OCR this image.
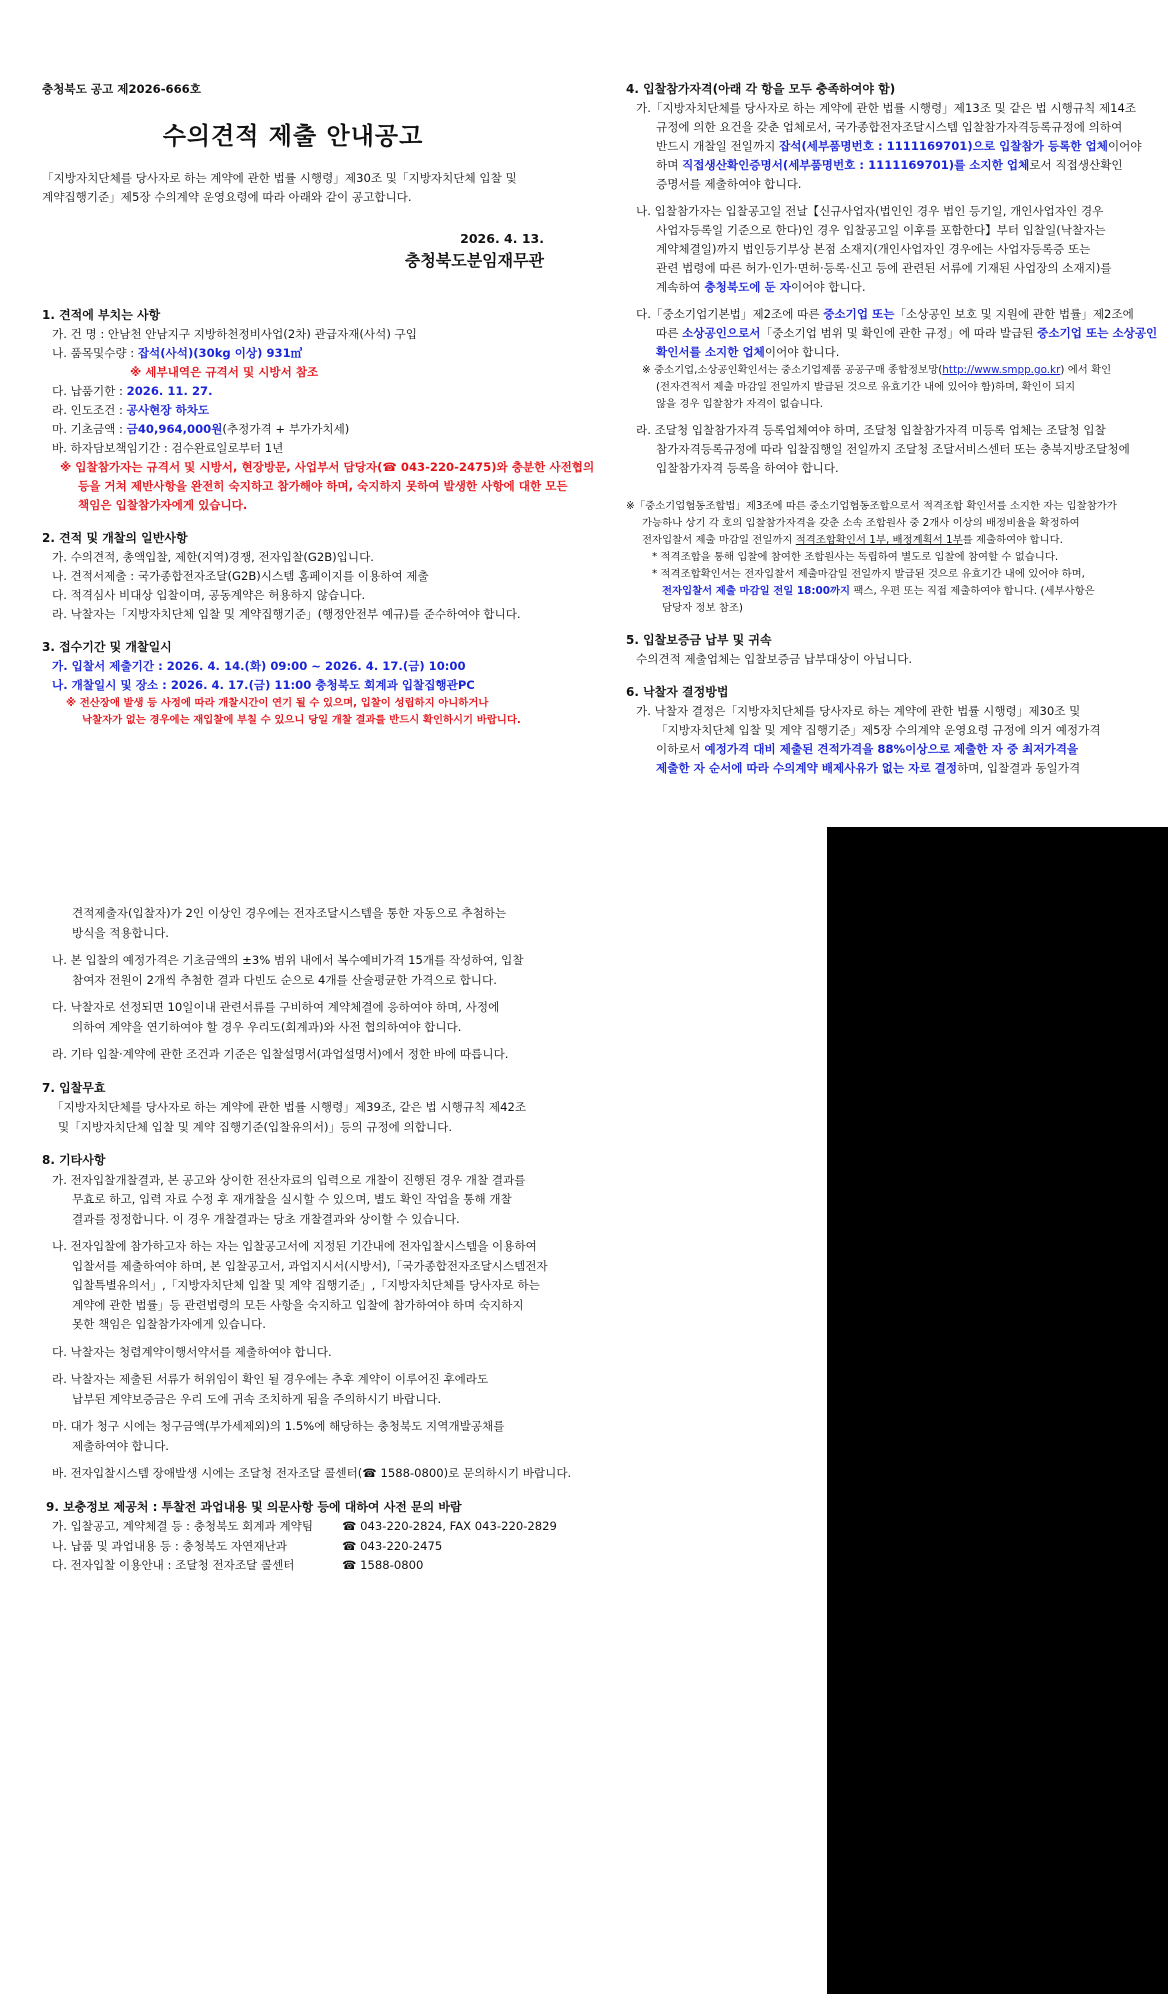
충청북도 공고 제2026-666호
수의견적 제출 안내공고
「지방자치단체를 당사자로 하는 계약에 관한 법률 시행령」제30조 및「지방자치단체 입찰 및
계약집행기준」제5장 수의계약 운영요령에 따라 아래와 같이 공고합니다.
2026. 4. 13.
충청북도분임재무관
1. 견적에 부치는 사항
가. 건 명 : 안남천 안남지구 지방하천정비사업(2차) 관급자재(사석) 구입
나. 품목및수량 : 잡석(사석)(30kg 이상) 931㎥
※ 세부내역은 규격서 및 시방서 참조
다. 납품기한 : 2026. 11. 27.
라. 인도조건 : 공사현장 하차도
마. 기초금액 : 금40,964,000원(추정가격 + 부가가치세)
바. 하자담보책임기간 : 검수완료일로부터 1년
※ 입찰참가자는 규격서 및 시방서, 현장방문, 사업부서 담당자(☎ 043-220-2475)와 충분한 사전협의
등을 거쳐 제반사항을 완전히 숙지하고 참가해야 하며, 숙지하지 못하여 발생한 사항에 대한 모든
책임은 입찰참가자에게 있습니다.
2. 견적 및 개찰의 일반사항
가. 수의견적, 총액입찰, 제한(지역)경쟁, 전자입찰(G2B)입니다.
나. 견적서제출 : 국가종합전자조달(G2B)시스템 홈페이지를 이용하여 제출
다. 적격심사 비대상 입찰이며, 공동계약은 허용하지 않습니다.
라. 낙찰자는「지방자치단체 입찰 및 계약집행기준」(행정안전부 예규)를 준수하여야 합니다.
3. 접수기간 및 개찰일시
가. 입찰서 제출기간 : 2026. 4. 14.(화) 09:00 ~ 2026. 4. 17.(금) 10:00
나. 개찰일시 및 장소 : 2026. 4. 17.(금) 11:00 충청북도 회계과 입찰집행관PC
※ 전산장애 발생 등 사정에 따라 개찰시간이 연기 될 수 있으며, 입찰이 성립하지 아니하거나
낙찰자가 없는 경우에는 재입찰에 부칠 수 있으니 당일 개찰 결과를 반드시 확인하시기 바랍니다.
4. 입찰참가자격(아래 각 항을 모두 충족하여야 함)
가.「지방자치단체를 당사자로 하는 계약에 관한 법률 시행령」제13조 및 같은 법 시행규칙 제14조
규정에 의한 요건을 갖춘 업체로서, 국가종합전자조달시스템 입찰참가자격등록규정에 의하여
반드시 개찰일 전일까지 잡석(세부품명번호 : 1111169701)으로 입찰참가 등록한 업체이어야
하며 직접생산확인증명서(세부품명번호 : 1111169701)를 소지한 업체로서 직접생산확인
증명서를 제출하여야 합니다.
나. 입찰참가자는 입찰공고일 전날【신규사업자(법인인 경우 법인 등기일, 개인사업자인 경우
사업자등록일 기준으로 한다)인 경우 입찰공고일 이후를 포함한다】부터 입찰일(낙찰자는
계약체결일)까지 법인등기부상 본점 소재지(개인사업자인 경우에는 사업자등록증 또는
관련 법령에 따른 허가·인가·면허·등록·신고 등에 관련된 서류에 기재된 사업장의 소재지)를
계속하여 충청북도에 둔 자이어야 합니다.
다.「중소기업기본법」제2조에 따른 중소기업 또는「소상공인 보호 및 지원에 관한 법률」제2조에
따른 소상공인으로서「중소기업 범위 및 확인에 관한 규정」에 따라 발급된 중소기업 또는 소상공인
확인서를 소지한 업체이어야 합니다.
※ 중소기업,소상공인확인서는 중소기업제품 공공구매 종합정보망(http://www.smpp.go.kr) 에서 확인
(전자견적서 제출 마감일 전일까지 발급된 것으로 유효기간 내에 있어야 함)하며, 확인이 되지
않을 경우 입찰참가 자격이 없습니다.
라. 조달청 입찰참가자격 등록업체여야 하며, 조달청 입찰참가자격 미등록 업체는 조달청 입찰
참가자격등록규정에 따라 입찰집행일 전일까지 조달청 조달서비스센터 또는 충북지방조달청에
입찰참가자격 등록을 하여야 합니다.
※「중소기업협동조합법」제3조에 따른 중소기업협동조합으로서 적격조합 확인서를 소지한 자는 입찰참가가
가능하나 상기 각 호의 입찰참가자격을 갖춘 소속 조합원사 중 2개사 이상의 배정비율을 확정하여
전자입찰서 제출 마감일 전일까지 적격조합확인서 1부, 배정계획서 1부를 제출하여야 합니다.
* 적격조합을 통해 입찰에 참여한 조합원사는 독립하여 별도로 입찰에 참여할 수 없습니다.
* 적격조합확인서는 전자입찰서 제출마감일 전일까지 발급된 것으로 유효기간 내에 있어야 하며,
전자입찰서 제출 마감일 전일 18:00까지 팩스, 우편 또는 직접 제출하여야 합니다. (세부사항은
담당자 정보 참조)
5. 입찰보증금 납부 및 귀속
수의견적 제출업체는 입찰보증금 납부대상이 아닙니다.
6. 낙찰자 결정방법
가. 낙찰자 결정은「지방자치단체를 당사자로 하는 계약에 관한 법률 시행령」제30조 및
「지방자치단체 입찰 및 계약 집행기준」제5장 수의계약 운영요령 규정에 의거 예정가격
이하로서 예정가격 대비 제출된 견적가격을 88%이상으로 제출한 자 중 최저가격을
제출한 자 순서에 따라 수의계약 배제사유가 없는 자로 결정하며, 입찰결과 동일가격
견적제출자(입찰자)가 2인 이상인 경우에는 전자조달시스템을 통한 자동으로 추첨하는
방식을 적용합니다.
나. 본 입찰의 예정가격은 기초금액의 ±3% 범위 내에서 복수예비가격 15개를 작성하여, 입찰
참여자 전원이 2개씩 추첨한 결과 다빈도 순으로 4개를 산술평균한 가격으로 합니다.
다. 낙찰자로 선정되면 10일이내 관련서류를 구비하여 계약체결에 응하여야 하며, 사정에
의하여 계약을 연기하여야 할 경우 우리도(회계과)와 사전 협의하여야 합니다.
라. 기타 입찰·계약에 관한 조건과 기준은 입찰설명서(과업설명서)에서 정한 바에 따릅니다.
7. 입찰무효
「지방자치단체를 당사자로 하는 계약에 관한 법률 시행령」제39조, 같은 법 시행규칙 제42조
및「지방자치단체 입찰 및 계약 집행기준(입찰유의서)」등의 규정에 의합니다.
8. 기타사항
가. 전자입찰개찰결과, 본 공고와 상이한 전산자료의 입력으로 개찰이 진행된 경우 개찰 결과를
무효로 하고, 입력 자료 수정 후 재개찰을 실시할 수 있으며, 별도 확인 작업을 통해 개찰
결과를 정정합니다. 이 경우 개찰결과는 당초 개찰결과와 상이할 수 있습니다.
나. 전자입찰에 참가하고자 하는 자는 입찰공고서에 지정된 기간내에 전자입찰시스템을 이용하여
입찰서를 제출하여야 하며, 본 입찰공고서, 과업지시서(시방서),「국가종합전자조달시스템전자
입찰특별유의서」,「지방자치단체 입찰 및 계약 집행기준」,「지방자치단체를 당사자로 하는
계약에 관한 법률」등 관련법령의 모든 사항을 숙지하고 입찰에 참가하여야 하며 숙지하지
못한 책임은 입찰참가자에게 있습니다.
다. 낙찰자는 청렴계약이행서약서를 제출하여야 합니다.
라. 낙찰자는 제출된 서류가 허위임이 확인 될 경우에는 추후 계약이 이루어진 후에라도
납부된 계약보증금은 우리 도에 귀속 조치하게 됨을 주의하시기 바랍니다.
마. 대가 청구 시에는 청구금액(부가세제외)의 1.5%에 해당하는 충청북도 지역개발공채를
제출하여야 합니다.
바. 전자입찰시스템 장애발생 시에는 조달청 전자조달 콜센터(☎ 1588-0800)로 문의하시기 바랍니다.
9. 보충정보 제공처 : 투찰전 과업내용 및 의문사항 등에 대하여 사전 문의 바람
가. 입찰공고, 계약체결 등 : 충청북도 회계과 계약팀 ☎ 043-220-2824, FAX 043-220-2829
나. 납품 및 과업내용 등 : 충청북도 자연재난과	☎ 043-220-2475
다. 전자입찰 이용안내 : 조달청 전자조달 콜센터	☎ 1588-0800
